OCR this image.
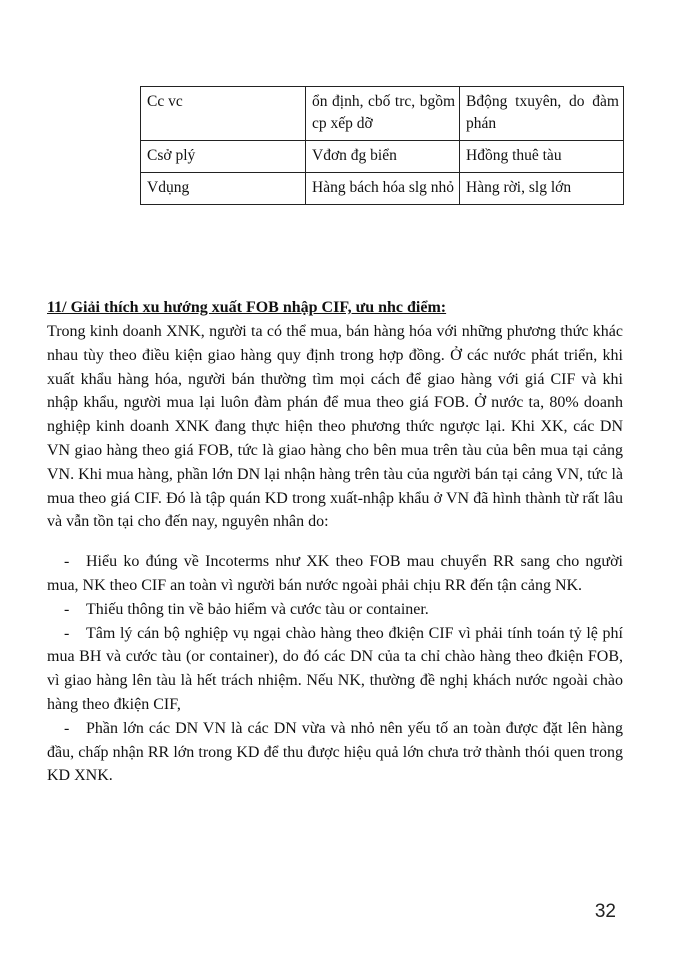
Cc vc	ổn định, cbố trc, bgồm cp xếp dỡ	Bđộng txuyên, do đàm phán
Csở plý	Vđơn đg biển	Hđồng thuê tàu
Vdụng	Hàng bách hóa slg nhỏ	Hàng rời, slg lớn
11/ Giải thích xu hướng xuất FOB nhập CIF, ưu nhc điểm:

Trong kinh doanh XNK, người ta có thể mua, bán hàng hóa với những phương thức khác nhau tùy theo điều kiện giao hàng quy định trong hợp đồng. Ở các nước phát triển, khi xuất khẩu hàng hóa, người bán thường tìm mọi cách để giao hàng với giá CIF và khi nhập khẩu, người mua lại luôn đàm phán để mua theo giá FOB. Ở nước ta, 80% doanh nghiệp kinh doanh XNK đang thực hiện theo phương thức ngược lại. Khi XK, các DN VN giao hàng theo giá FOB, tức là giao hàng cho bên mua trên tàu của bên mua tại cảng VN. Khi mua hàng, phần lớn DN lại nhận hàng trên tàu của người bán tại cảng VN, tức là mua theo giá CIF. Đó là tập quán KD trong xuất-nhập khẩu ở VN đã hình thành từ rất lâu và vẫn tồn tại cho đến nay, nguyên nhân do:

- Hiểu ko đúng về Incoterms như XK theo FOB mau chuyển RR sang cho người mua, NK theo CIF an toàn vì người bán nước ngoài phải chịu RR đến tận cảng NK.
- Thiếu thông tin về bảo hiểm và cước tàu or container.
- Tâm lý cán bộ nghiệp vụ ngại chào hàng theo đkiện CIF vì phải tính toán tỷ lệ phí mua BH và cước tàu (or container), do đó các DN của ta chỉ chào hàng theo đkiện FOB, vì giao hàng lên tàu là hết trách nhiệm. Nếu NK, thường đề nghị khách nước ngoài chào hàng theo đkiện CIF,
- Phần lớn các DN VN là các DN vừa và nhỏ nên yếu tố an toàn được đặt lên hàng đầu, chấp nhận RR lớn trong KD để thu được hiệu quả lớn chưa trở thành thói quen trong KD XNK.
32
